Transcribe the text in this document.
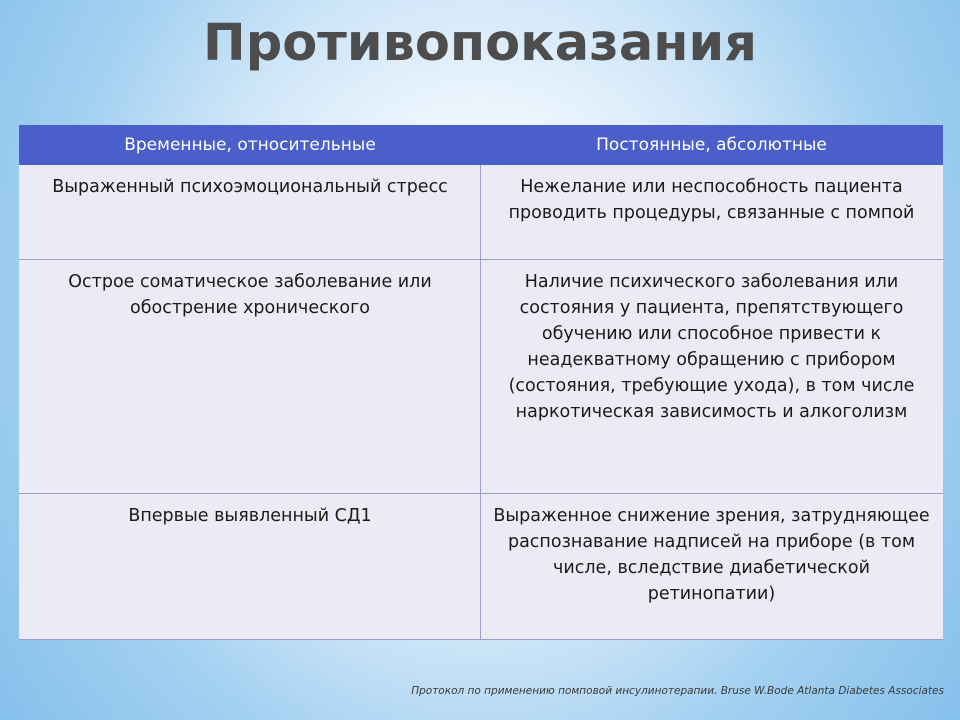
Противопоказания
Временные, относительные	Постоянные, абсолютные
Выраженный психоэмоциональный стресс	Нежелание или неспособность пациента проводить процедуры, связанные с помпой
Острое соматическое заболевание или обострение хронического	Наличие психического заболевания или состояния у пациента, препятствующего обучению или способное привести к неадекватному обращению с прибором (состояния, требующие ухода), в том числе наркотическая зависимость и алкоголизм
Впервые выявленный СД1	Выраженное снижение зрения, затрудняющее распознавание надписей на приборе (в том числе, вследствие диабетической ретинопатии)
Протокол по применению помповой инсулинотерапии. Bruse W.Bode Atlanta Diabetes Associates
